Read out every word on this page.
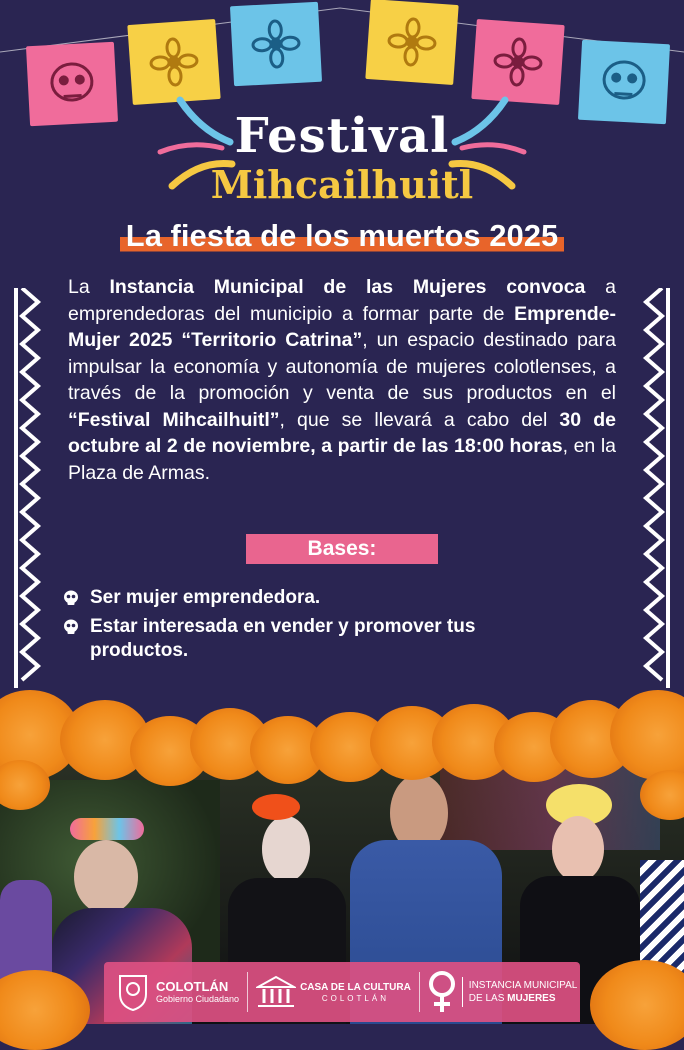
Festival
Mihcailhuitl
La fiesta de los muertos 2025
La Instancia Municipal de las Mujeres convoca a emprendedoras del municipio a formar parte de Emprende-Mujer 2025 “Territorio Catrina”, un espacio destinado para impulsar la economía y autonomía de mujeres colotlenses, a través de la promoción y venta de sus productos en el “Festival Mihcailhuitl”, que se llevará a cabo del 30 de octubre al 2 de noviembre, a partir de las 18:00 horas, en la Plaza de Armas.
Bases:
Ser mujer emprendedora.
Estar interesada en vender y promover tus productos.
COLOTLÁN
Gobierno Ciudadano
CASA DE LA CULTURA
COLOTLÁN
INSTANCIA MUNICIPAL
DE LAS MUJERES
